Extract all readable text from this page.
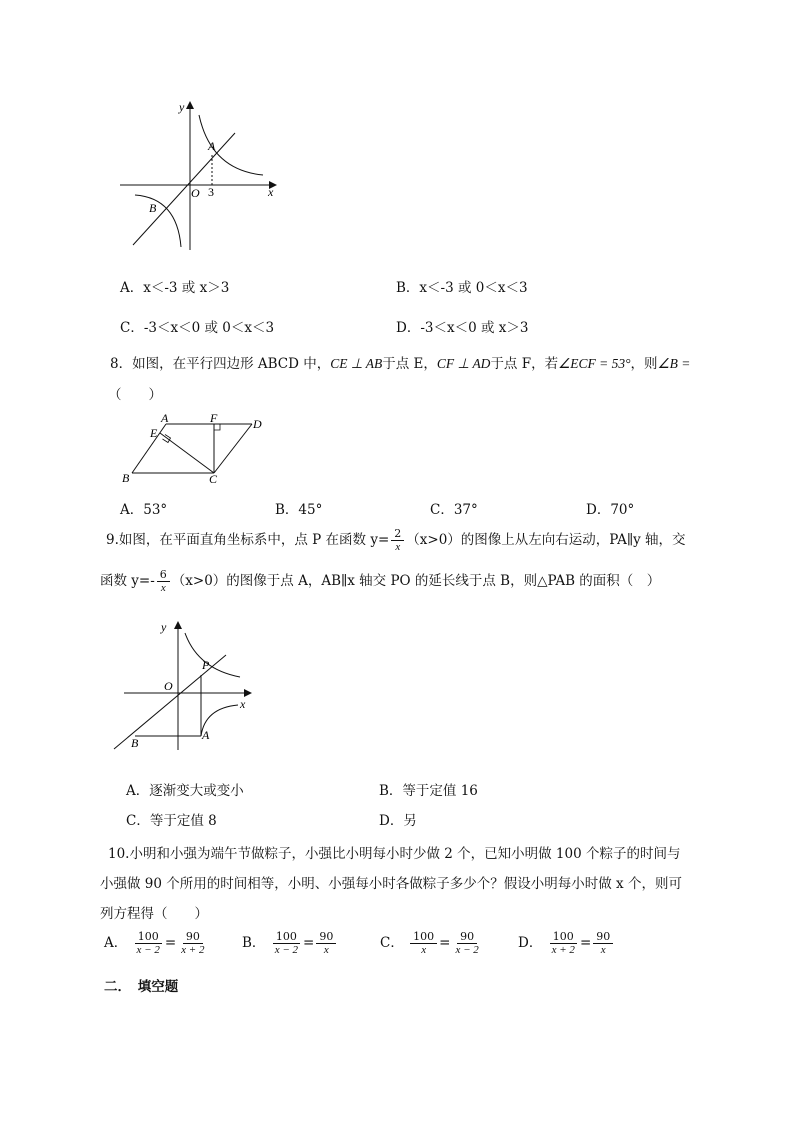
y
x
O
A
B
3
A．x＜-3 或 x＞3	B．x＜-3 或 0＜x＜3
C．-3＜x＜0 或 0＜x＜3	D．-3＜x＜0 或 x＞3
8．如图，在平行四边形 ABCD 中，CE ⊥ AB于点 E，CF ⊥ AD于点 F，若∠ECF = 53°，则∠B =
（　　）
A	F	D
E
B	C
A．53°	B．45°	C．37°	D．70°
9.如图，在平面直角坐标系中，点 P 在函数 $y= \frac{2}{x} (x>0)$的图像上从左向右运动，PA∥y 轴，交
函数 $y=- \frac{6}{x} (x>0)$的图像于点 A，AB∥x 轴交 PO 的延长线于点 B，则△PAB 的面积（　）
y
x
O
P
A
B
A．逐渐变大或变小	B．等于定值 16
C．等于定值 8	D．另
10.小明和小强为端午节做粽子，小强比小明每小时少做 2 个，已知小明做 100 个粽子的时间与
小强做 90 个所用的时间相等，小明、小强每小时各做粽子多少个？假设小明每小时做 x 个，则可
列方程得（　　）
A． $\frac{100}{x - 2} = \frac{90}{x + 2}$	B． $\frac{100}{x - 2} = \frac{90}{x}$	C． $\frac{100}{x} = \frac{90}{x - 2}$	D． $\frac{100}{x + 2} = \frac{90}{x}$
二．　填空题
